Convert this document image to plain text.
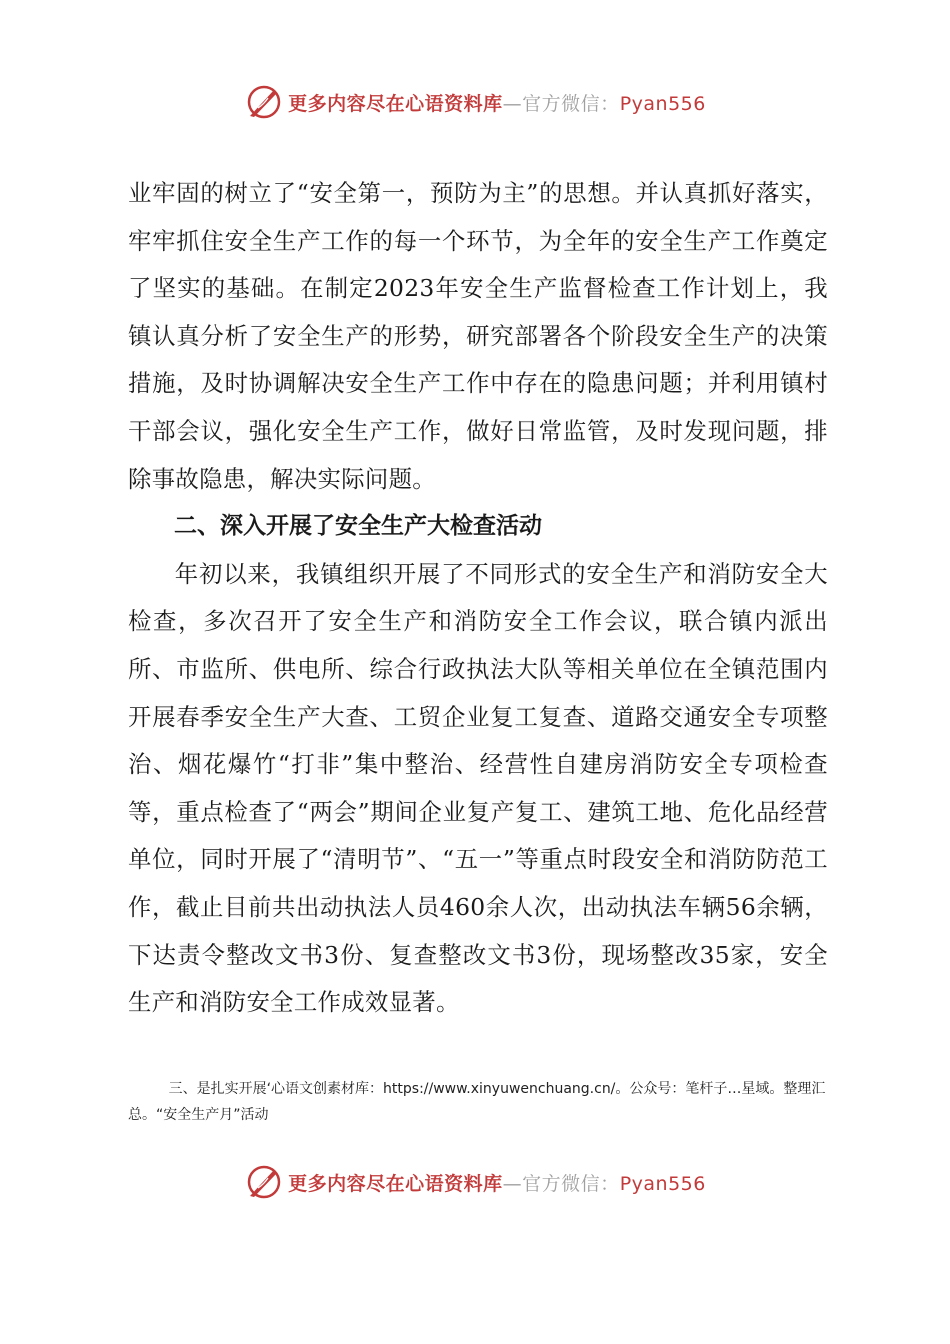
更多内容尽在心语资料库—官方微信：Pyan556

业牢固的树立了“安全第一，预防为主”的思想。并认真抓好落实，牢牢抓住安全生产工作的每一个环节，为全年的安全生产工作奠定了坚实的基础。在制定2023年安全生产监督检查工作计划上，我镇认真分析了安全生产的形势，研究部署各个阶段安全生产的决策措施，及时协调解决安全生产工作中存在的隐患问题；并利用镇村干部会议，强化安全生产工作，做好日常监管，及时发现问题，排除事故隐患，解决实际问题。

二、深入开展了安全生产大检查活动

年初以来，我镇组织开展了不同形式的安全生产和消防安全大检查，多次召开了安全生产和消防安全工作会议，联合镇内派出所、市监所、供电所、综合行政执法大队等相关单位在全镇范围内开展春季安全生产大查、工贸企业复工复查、道路交通安全专项整治、烟花爆竹“打非”集中整治、经营性自建房消防安全专项检查等，重点检查了“两会”期间企业复产复工、建筑工地、危化品经营单位，同时开展了“清明节”、“五一”等重点时段安全和消防防范工作，截止目前共出动执法人员460余人次，出动执法车辆56余辆，下达责令整改文书3份、复查整改文书3份，现场整改35家，安全生产和消防安全工作成效显著。

三、是扎实开展‘心语文创素材库：https://www.xinyuwenchuang.cn/。公众号：笔杆子…星域。整理汇总。“安全生产月”活动

更多内容尽在心语资料库—官方微信：Pyan556
